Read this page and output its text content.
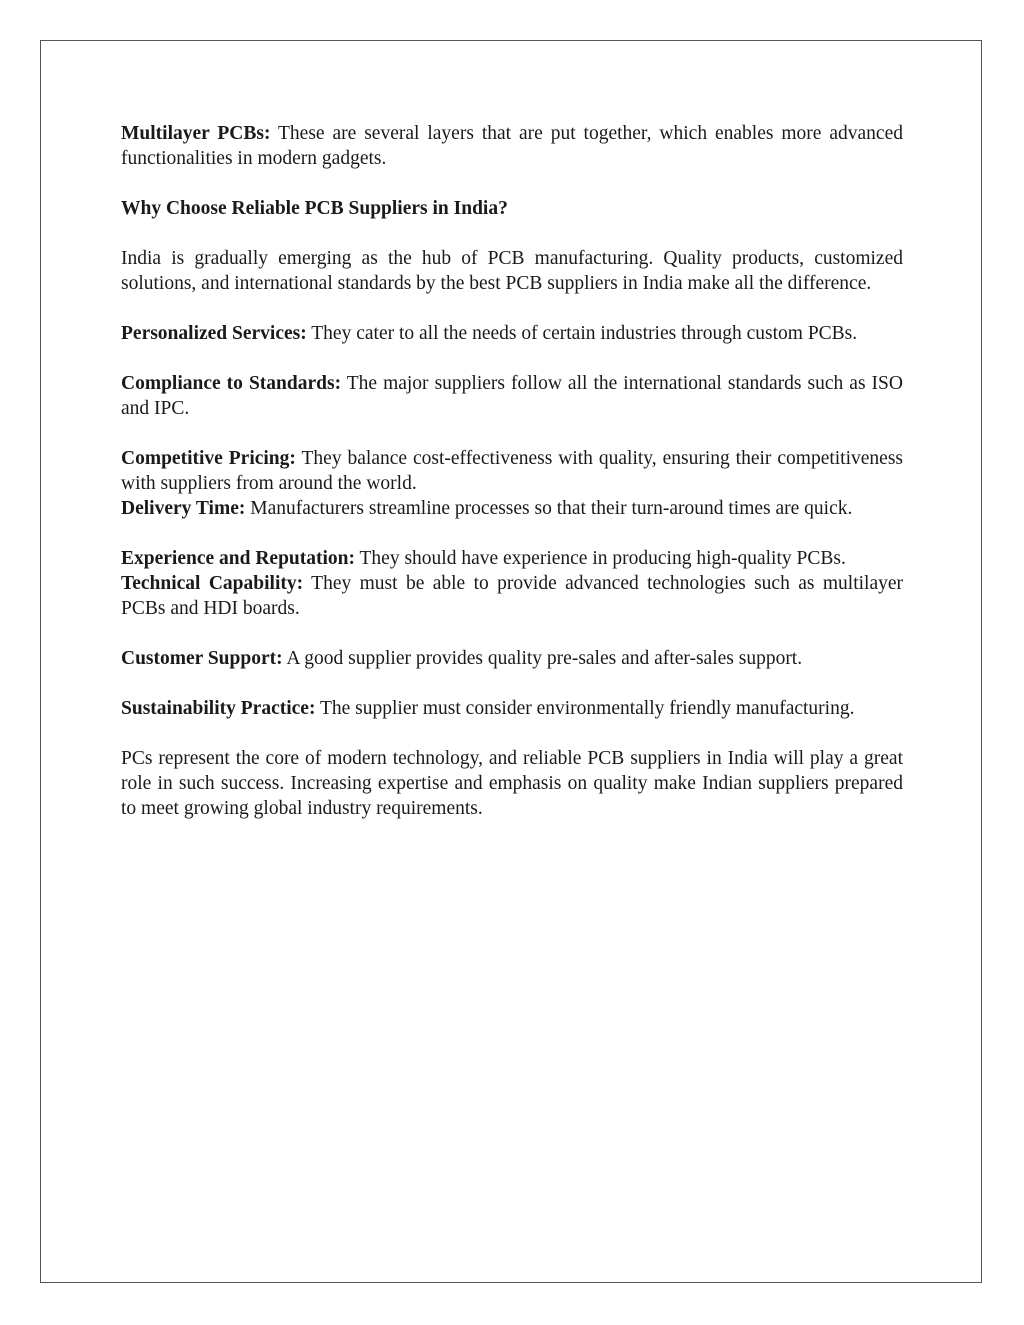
Multilayer PCBs: These are several layers that are put together, which enables more advanced functionalities in modern gadgets.

Why Choose Reliable PCB Suppliers in India?

India is gradually emerging as the hub of PCB manufacturing. Quality products, customized solutions, and international standards by the best PCB suppliers in India make all the difference.

Personalized Services: They cater to all the needs of certain industries through custom PCBs.

Compliance to Standards: The major suppliers follow all the international standards such as ISO and IPC.

Competitive Pricing: They balance cost-effectiveness with quality, ensuring their competitiveness with suppliers from around the world.

Delivery Time: Manufacturers streamline processes so that their turn-around times are quick.

Experience and Reputation: They should have experience in producing high-quality PCBs.

Technical Capability: They must be able to provide advanced technologies such as multilayer PCBs and HDI boards.

Customer Support: A good supplier provides quality pre-sales and after-sales support.

Sustainability Practice: The supplier must consider environmentally friendly manufacturing.

PCs represent the core of modern technology, and reliable PCB suppliers in India will play a great role in such success. Increasing expertise and emphasis on quality make Indian suppliers prepared to meet growing global industry requirements.
